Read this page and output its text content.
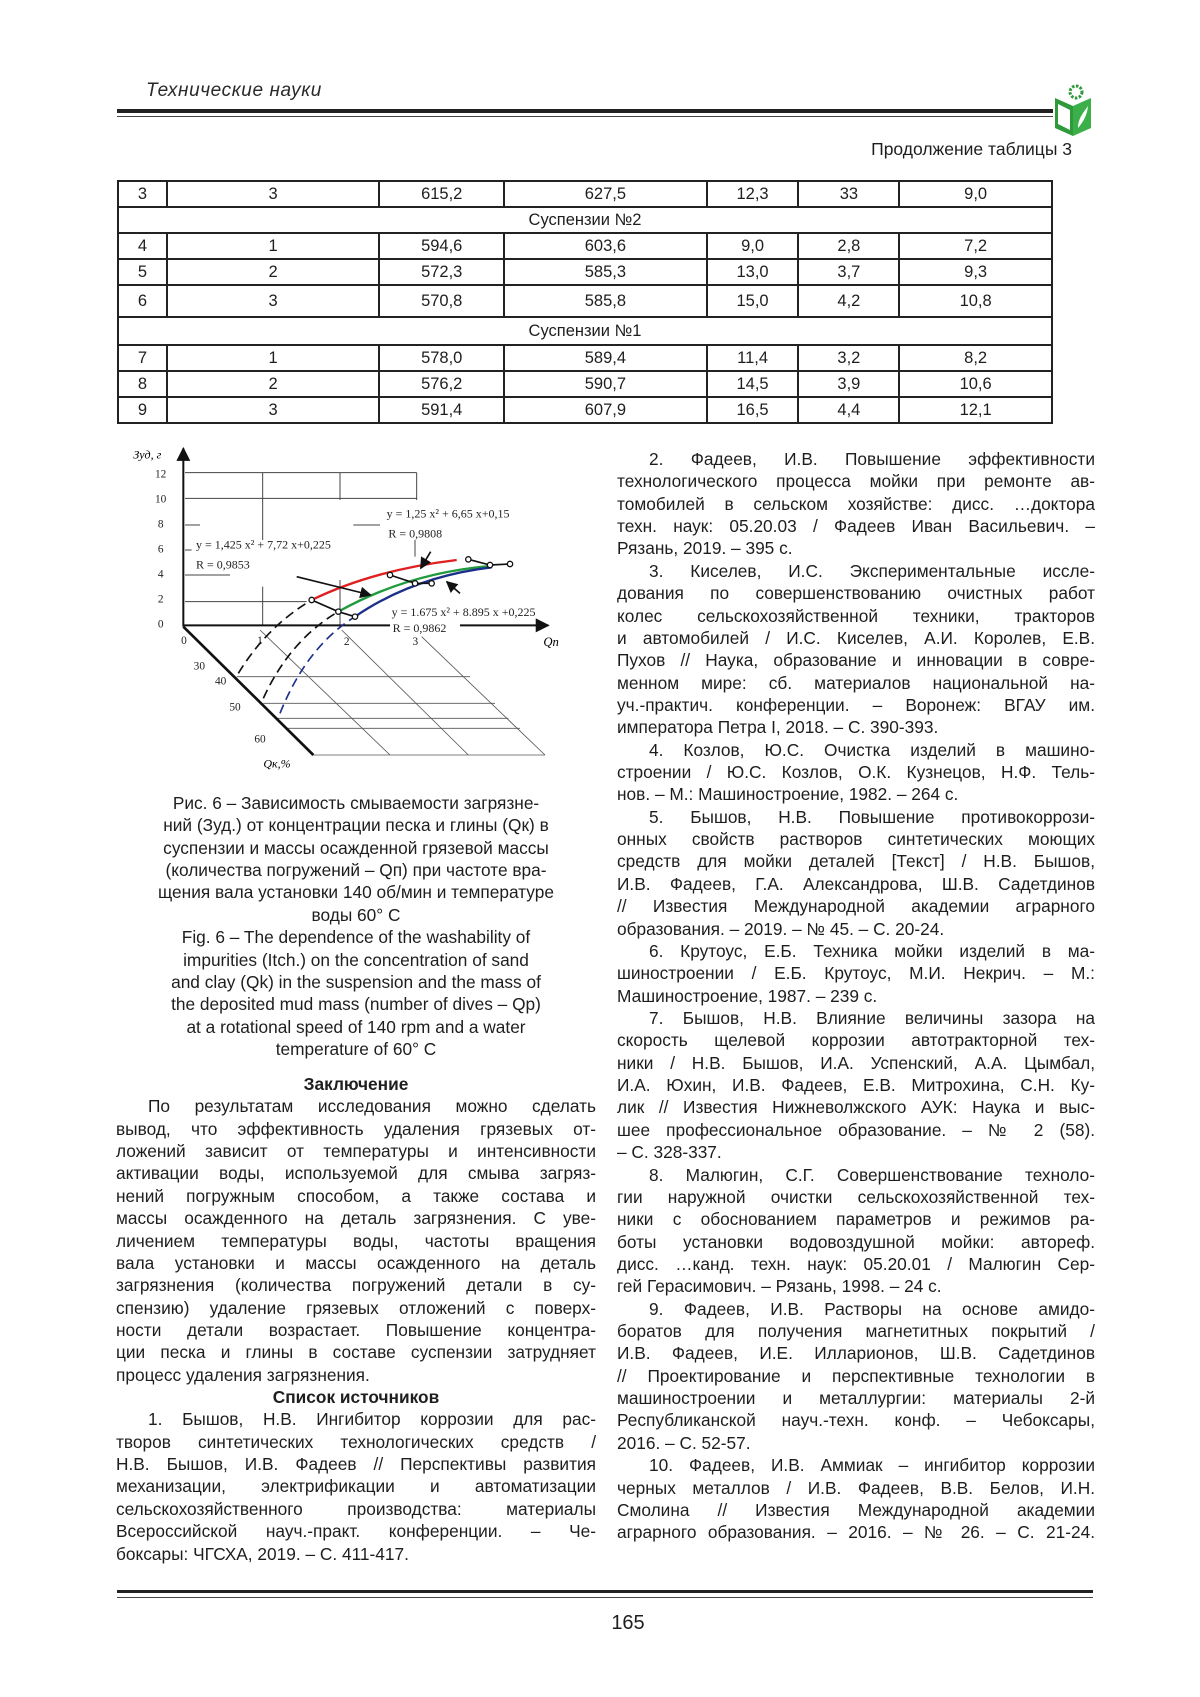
Технические науки
Продолжение таблицы 3
3	3	615,2	627,5	12,3	33	9,0
Суспензии №2
4	1	594,6	603,6	9,0	2,8	7,2
5	2	572,3	585,3	13,0	3,7	9,3
6	3	570,8	585,8	15,0	4,2	10,8
Суспензии №1
7	1	578,0	589,4	11,4	3,2	8,2
8	2	576,2	590,7	14,5	3,9	10,6
9	3	591,4	607,9	16,5	4,4	12,1
12
10
8
6
4
2
0
0 1 2 3
30
40
50
60
Зуд, г
Qп
Qк,%
y = 1,425 x² + 7,72 x+0,225
R = 0,9853
y = 1,25 x² + 6,65 x+0,15
R = 0,9808
y = 1.675 x² + 8.895 x +0,225
R = 0,9862
Рис. 6 – Зависимость смываемости загрязне-
ний (Зуд.) от концентрации песка и глины (Qк) в
суспензии и массы осажденной грязевой массы
(количества погружений – Qп) при частоте вра-
щения вала установки 140 об/мин и температуре
воды 60° С
Fig. 6 – The dependence of the washability of
impurities (Itch.) on the concentration of sand
and clay (Qk) in the suspension and the mass of
the deposited mud mass (number of dives – Qp)
at a rotational speed of 140 rpm and a water
temperature of 60° C
Заключение
По результатам исследования можно сделать
вывод, что эффективность удаления грязевых от-
ложений зависит от температуры и интенсивности
активации воды, используемой для смыва загряз-
нений погружным способом, а также состава и
массы осажденного на деталь загрязнения. С уве-
личением температуры воды, частоты вращения
вала установки и массы осажденного на деталь
загрязнения (количества погружений детали в су-
спензию) удаление грязевых отложений с поверх-
ности детали возрастает. Повышение концентра-
ции песка и глины в составе суспензии затрудняет
процесс удаления загрязнения.
Список источников
1. Бышов, Н.В. Ингибитор коррозии для рас-
творов синтетических технологических средств /
Н.В. Бышов, И.В. Фадеев // Перспективы развития
механизации, электрификации и автоматизации
сельскохозяйственного производства: материалы
Всероссийской науч.-практ. конференции. – Че-
боксары: ЧГСХА, 2019. – С. 411-417.
2. Фадеев, И.В. Повышение эффективности
технологического процесса мойки при ремонте ав-
томобилей в сельском хозяйстве: дисс. …доктора
техн. наук: 05.20.03 / Фадеев Иван Васильевич. –
Рязань, 2019. – 395 с.
3. Киселев, И.С. Экспериментальные иссле-
дования по совершенствованию очистных работ
колес сельскохозяйственной техники, тракторов
и автомобилей / И.С. Киселев, А.И. Королев, Е.В.
Пухов // Наука, образование и инновации в совре-
менном мире: сб. материалов национальной на-
уч.-практич. конференции. – Воронеж: ВГАУ им.
императора Петра I, 2018. – С. 390-393.
4. Козлов, Ю.С. Очистка изделий в машино-
строении / Ю.С. Козлов, О.К. Кузнецов, Н.Ф. Тель-
нов. – М.: Машиностроение, 1982. – 264 с.
5. Бышов, Н.В. Повышение противокоррози-
онных свойств растворов синтетических моющих
средств для мойки деталей [Текст] / Н.В. Бышов,
И.В. Фадеев, Г.А. Александрова, Ш.В. Садетдинов
// Известия Международной академии аграрного
образования. – 2019. – № 45. – С. 20-24.
6. Крутоус, Е.Б. Техника мойки изделий в ма-
шиностроении / Е.Б. Крутоус, М.И. Некрич. – М.:
Машиностроение, 1987. – 239 с.
7. Бышов, Н.В. Влияние величины зазора на
скорость щелевой коррозии автотракторной тех-
ники / Н.В. Бышов, И.А. Успенский, А.А. Цымбал,
И.А. Юхин, И.В. Фадеев, Е.В. Митрохина, С.Н. Ку-
лик // Известия Нижневолжского АУК: Наука и выс-
шее профессиональное образование. – № 2 (58).
– С. 328-337.
8. Малюгин, С.Г. Совершенствование техноло-
гии наружной очистки сельскохозяйственной тех-
ники с обоснованием параметров и режимов ра-
боты установки водовоздушной мойки: автореф.
дисс. …канд. техн. наук: 05.20.01 / Малюгин Сер-
гей Герасимович. – Рязань, 1998. – 24 с.
9. Фадеев, И.В. Растворы на основе амидо-
боратов для получения магнетитных покрытий /
И.В. Фадеев, И.Е. Илларионов, Ш.В. Садетдинов
// Проектирование и перспективные технологии в
машиностроении и металлургии: материалы 2-й
Республиканской науч.-техн. конф. – Чебоксары,
2016. – С. 52-57.
10. Фадеев, И.В. Аммиак – ингибитор коррозии
черных металлов / И.В. Фадеев, В.В. Белов, И.Н.
Смолина // Известия Международной академии
аграрного образования. – 2016. – № 26. – С. 21-24.
165
